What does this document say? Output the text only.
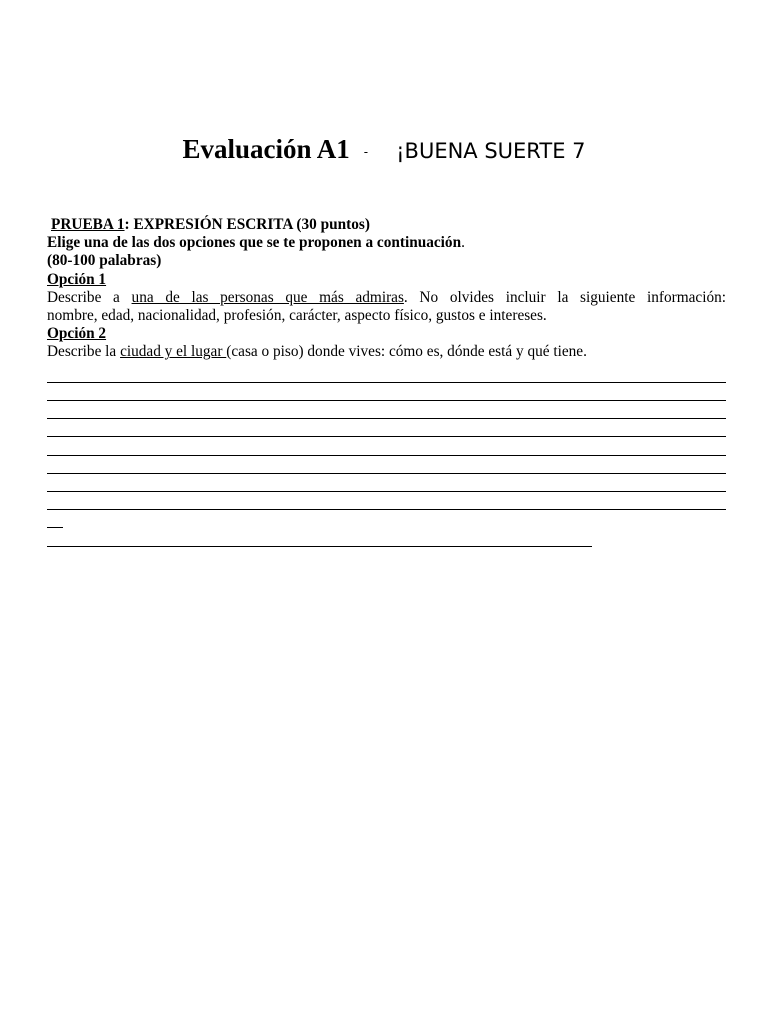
Evaluación A1 - ¡BUENA SUERTE 7
PRUEBA 1: EXPRESIÓN ESCRITA (30 puntos)
Elige una de las dos opciones que se te proponen a continuación.
(80-100 palabras)
Opción 1
Describe a una de las personas que más admiras. No olvides incluir la siguiente información:
nombre, edad, nacionalidad, profesión, carácter, aspecto físico, gustos e intereses.
Opción 2
Describe la ciudad y el lugar (casa o piso) donde vives: cómo es, dónde está y qué tiene.
